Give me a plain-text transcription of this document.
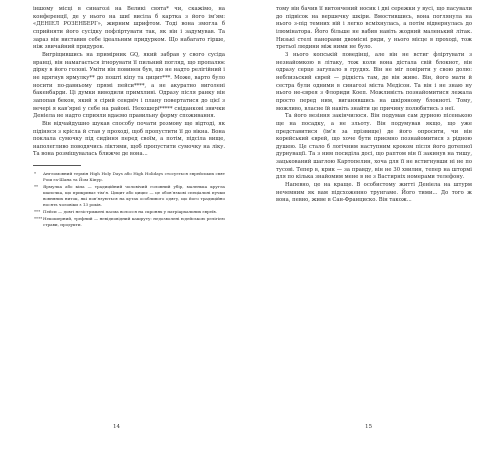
іншому місці в синагозі на Великі свята* чи, скажімо, на конференції, де у нього на шиї висіла б картка з його ім’ям: «ДЕНІЕЛ РОЗЕНБЕРГ», жирним шрифтом. Тоді вона змогла б сприйняти його сусідку пофліртувати так, як він і задумував. Та зараз він виставив себе ідеальним придурком. Що набагато гірше, ніж звичайний придурок.

Вигріщившись на примірник GQ, який забрав у свого сусіда вранці, він намагається ігнорувати її пильний погляд, що пропалює дірку в його голові. Уміти він повинен був, що не надто релігійний і не вдягнув ярмулку** до пошті кіпу та цицит***. Може, варто було носити по-давньому прямі пейси****, а не акуратно виголені бакенбарди. Ці думки виводили примхливі. Одразу після ранку він запопав бекон, який я сірий сендвіч і плану повертатися до цієї з вечері я кав’ярні у себе на районі. Нехошері***** сніданкові звички Деніела не надто сприяли вдаємо правильну форму споживання.

Він відчайдушно шукав способу почати розмову ще відтоді, як підіняся з крісла й став у проході, щоб пропустити її до вікна. Вона поклала сумочку під сидіння перед своїм, а потім, підсіла вище, наполегливо поводячись ліктями, щоб пропустити сумочку на ліку. Та вона розміщувалась ближче де вона...

*	Англомовний термін High Holy Days або High Holidays стосується єврейських свят Рош га-Шана та Йом Кіпур.
**	Ярмулка або кіпа — традиційний чоловічий головний убір, маленька кругла шапочка, що прикриває тім’я. Цицит або цицис — це обов’язкові спеціальні пучки вовняних ниток, які пов’язуються на кутах особливого одягу, що його традиційно носять чоловіки з 13 років.
*** Пейси — довгі незістрижені пасма волосся на скронях у патріархальних євреїв.
**** Некошерний, трефний — невідповідний кашруту: недозволені юдейською релігією страви, продукти.
14

тому він бачив її витончений носик і дві сережки у вусі, що пасували до підвісок на вершечку шкіри. Вмостившись, вона поглянула на нього з-під темних вій і легко всміхнулась, а потім відвернулась до ілюмінатора. Його більше не вабив навіть жодний маленький літак. Низькі стелі панорами двомісні ряди, у нього місце в проході, тож третьої людини між ними не було.

З нього копській поведінці, але він не встиг фліртувати з незнайомкою в літаку, тож коли вона дістала свій блокнот, він одразу серце загупало в грудях. Він не міг повірити у свою долю: неблизьский єврей — рідкість там, де він живе. Він, його мати й сестра були одними в синагозі міста Медісон. Та він і не знаю ну нього не-єврея з Флориди Коеп. Можливість познайомитися лежала просто перед ним, виганявшись на шкіряному блокноті. Тому, можливо, власне їй навіть знайти це причину полюбитись з неї.

Та його везіння закінчилося. Він подумав сам дурною пісенькою ще на посадку, а не зльоту. Він подумував якщо, що уже представитися (ім’я за прізвище) де його опросити, чи він корейський єврей, що хоче бути приємно познайомитися з рідною душею. Це стало б логічним наступним кроком після його дотепної дурнувації. Та з ним посиділа досі, що раптом він її закинув на тишу, зацькований шаглою Картопелин, хоча для її не встигнувши ні не по тусові. Тепер в, крик — за правду, він не 30 хвилин, тепер на штормі для по кілька знайомим мене в не з Вастирніх номерами телефону.

Напевно, це на краще. В особистому житті Деніела на штурм нечемним як вам підсхоженно трунгаме. Його тими... До того ж вона, певно, живе в Сан-Франциско. Він також...

15
